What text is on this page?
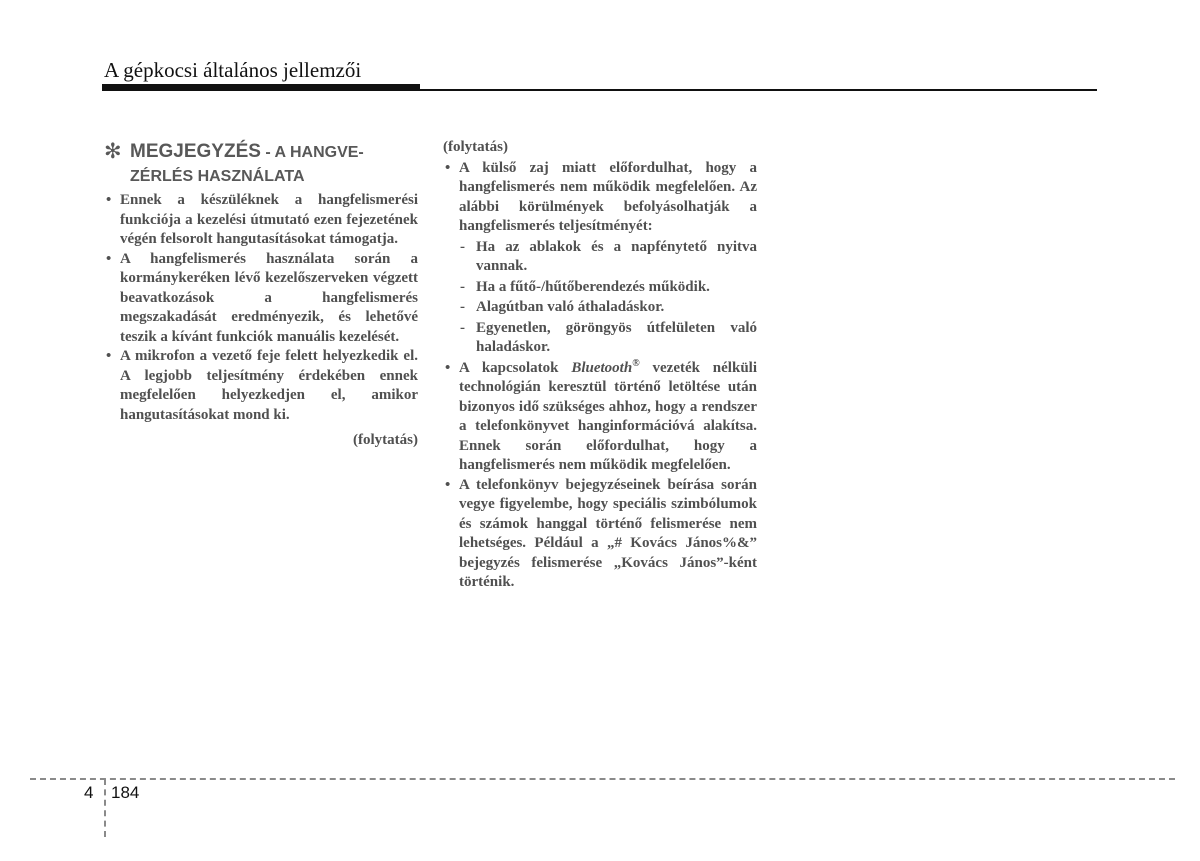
A gépkocsi általános jellemzői
✻ MEGJEGYZÉS - A HANGVE-
ZÉRLÉS HASZNÁLATA
• Ennek a készüléknek a hangfelismerési funkciója a kezelési útmutató ezen fejezetének végén felsorolt hangutasításokat támogatja.
• A hangfelismerés használata során a kormánykeréken lévő kezelőszerveken végzett beavatkozások a hangfelismerés megszakadását eredményezik, és lehetővé teszik a kívánt funkciók manuális kezelését.
• A mikrofon a vezető feje felett helyezkedik el. A legjobb teljesítmény érdekében ennek megfelelően helyezkedjen el, amikor hangutasításokat mond ki.
(folytatás)
(folytatás)
• A külső zaj miatt előfordulhat, hogy a hangfelismerés nem működik megfelelően. Az alábbi körülmények befolyásolhatják a hangfelismerés teljesítményét:
- Ha az ablakok és a napfénytető nyitva vannak.
- Ha a fűtő-/hűtőberendezés működik.
- Alagútban való áthaladáskor.
- Egyenetlen, göröngyös útfelületen való haladáskor.
• A kapcsolatok Bluetooth® vezeték nélküli technológián keresztül történő letöltése után bizonyos idő szükséges ahhoz, hogy a rendszer a telefonkönyvet hanginformációvá alakítsa. Ennek során előfordulhat, hogy a hangfelismerés nem működik megfelelően.
• A telefonkönyv bejegyzéseinek beírása során vegye figyelembe, hogy speciális szimbólumok és számok hanggal történő felismerése nem lehetséges. Például a „# Kovács János%&” bejegyzés felismerése „Kovács János”-ként történik.
4 184
